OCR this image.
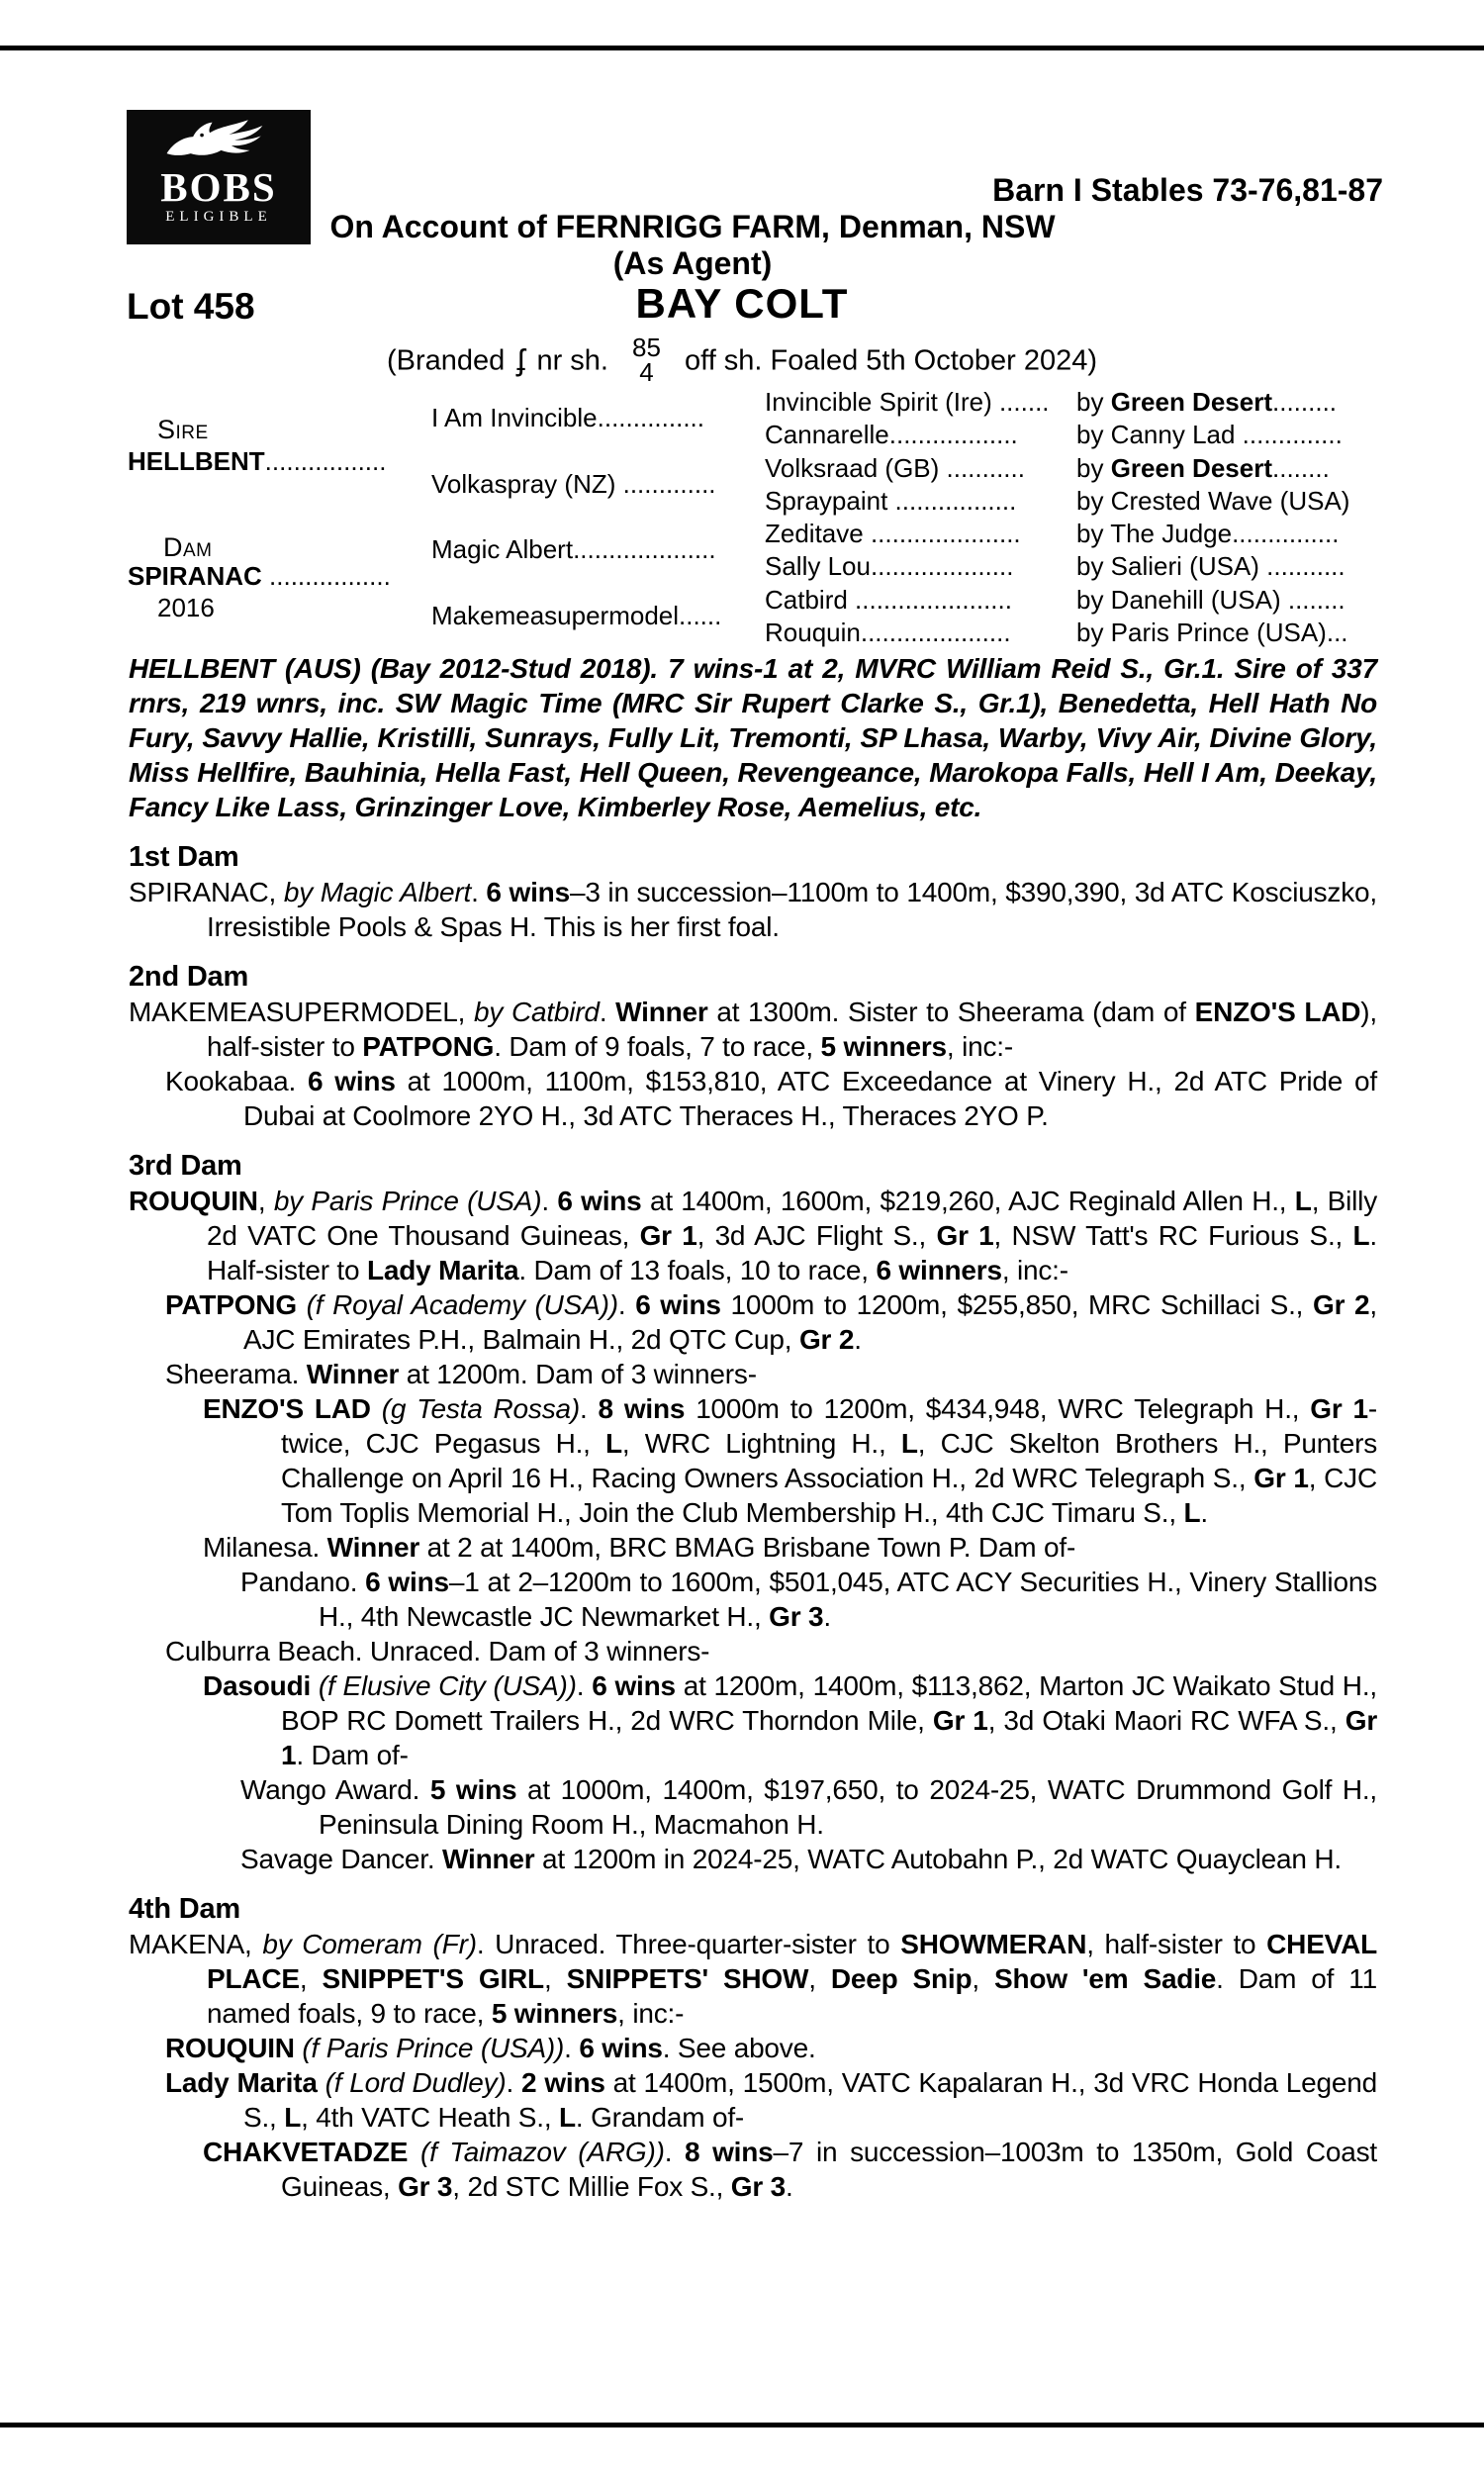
BOBS
ELIGIBLE
Barn I Stables 73-76,81-87
On Account of FERNRIGG FARM, Denman, NSW
(As Agent)
Lot 458	BAY COLT
(Branded ʄ nr sh. 85
4 off sh. Foaled 5th October 2024)
Sire
HELLBENT.................
Dam
SPIRANAC .................
2016
I Am Invincible...............
Volkaspray (NZ) .............
Magic Albert....................
Makemeasupermodel......
Invincible Spirit (Ire) .......
Cannarelle..................
Volksraad (GB) ...........
Spraypaint .................
Zeditave .....................
Sally Lou....................
Catbird ......................
Rouquin.....................
by Green Desert.........
by Canny Lad ..............
by Green Desert........
by Crested Wave (USA)
by The Judge...............
by Salieri (USA) ...........
by Danehill (USA) ........
by Paris Prince (USA)...
HELLBENT (AUS) (Bay 2012-Stud 2018). 7 wins-1 at 2, MVRC William Reid S., Gr.1. Sire of 337 rnrs, 219 wnrs, inc. SW Magic Time (MRC Sir Rupert Clarke S., Gr.1), Benedetta, Hell Hath No Fury, Savvy Hallie, Kristilli, Sunrays, Fully Lit, Tremonti, SP Lhasa, Warby, Vivy Air, Divine Glory, Miss Hellfire, Bauhinia, Hella Fast, Hell Queen, Revengeance, Marokopa Falls, Hell I Am, Deekay, Fancy Like Lass, Grinzinger Love, Kimberley Rose, Aemelius, etc.
1st Dam
SPIRANAC, by Magic Albert. 6 wins–3 in succession–1100m to 1400m, $390,390, 3d ATC Kosciuszko, Irresistible Pools & Spas H. This is her first foal.
2nd Dam
MAKEMEASUPERMODEL, by Catbird. Winner at 1300m. Sister to Sheerama (dam of ENZO'S LAD), half-sister to PATPONG. Dam of 9 foals, 7 to race, 5 winners, inc:-
Kookabaa. 6 wins at 1000m, 1100m, $153,810, ATC Exceedance at Vinery H., 2d ATC Pride of Dubai at Coolmore 2YO H., 3d ATC Theraces H., Theraces 2YO P.
3rd Dam
ROUQUIN, by Paris Prince (USA). 6 wins at 1400m, 1600m, $219,260, AJC Reginald Allen H., L, Billy 2d VATC One Thousand Guineas, Gr 1, 3d AJC Flight S., Gr 1, NSW Tatt's RC Furious S., L. Half-sister to Lady Marita. Dam of 13 foals, 10 to race, 6 winners, inc:-
PATPONG (f Royal Academy (USA)). 6 wins 1000m to 1200m, $255,850, MRC Schillaci S., Gr 2, AJC Emirates P.H., Balmain H., 2d QTC Cup, Gr 2.
Sheerama. Winner at 1200m. Dam of 3 winners-
ENZO'S LAD (g Testa Rossa). 8 wins 1000m to 1200m, $434,948, WRC Telegraph H., Gr 1-twice, CJC Pegasus H., L, WRC Lightning H., L, CJC Skelton Brothers H., Punters Challenge on April 16 H., Racing Owners Association H., 2d WRC Telegraph S., Gr 1, CJC Tom Toplis Memorial H., Join the Club Membership H., 4th CJC Timaru S., L.
Milanesa. Winner at 2 at 1400m, BRC BMAG Brisbane Town P. Dam of-
Pandano. 6 wins–1 at 2–1200m to 1600m, $501,045, ATC ACY Securities H., Vinery Stallions H., 4th Newcastle JC Newmarket H., Gr 3.
Culburra Beach. Unraced. Dam of 3 winners-
Dasoudi (f Elusive City (USA)). 6 wins at 1200m, 1400m, $113,862, Marton JC Waikato Stud H., BOP RC Domett Trailers H., 2d WRC Thorndon Mile, Gr 1, 3d Otaki Maori RC WFA S., Gr 1. Dam of-
Wango Award. 5 wins at 1000m, 1400m, $197,650, to 2024-25, WATC Drummond Golf H., Peninsula Dining Room H., Macmahon H.
Savage Dancer. Winner at 1200m in 2024-25, WATC Autobahn P., 2d WATC Quayclean H.
4th Dam
MAKENA, by Comeram (Fr). Unraced. Three-quarter-sister to SHOWMERAN, half-sister to CHEVAL PLACE, SNIPPET'S GIRL, SNIPPETS' SHOW, Deep Snip, Show 'em Sadie. Dam of 11 named foals, 9 to race, 5 winners, inc:-
ROUQUIN (f Paris Prince (USA)). 6 wins. See above.
Lady Marita (f Lord Dudley). 2 wins at 1400m, 1500m, VATC Kapalaran H., 3d VRC Honda Legend S., L, 4th VATC Heath S., L. Grandam of-
CHAKVETADZE (f Taimazov (ARG)). 8 wins–7 in succession–1003m to 1350m, Gold Coast Guineas, Gr 3, 2d STC Millie Fox S., Gr 3.
